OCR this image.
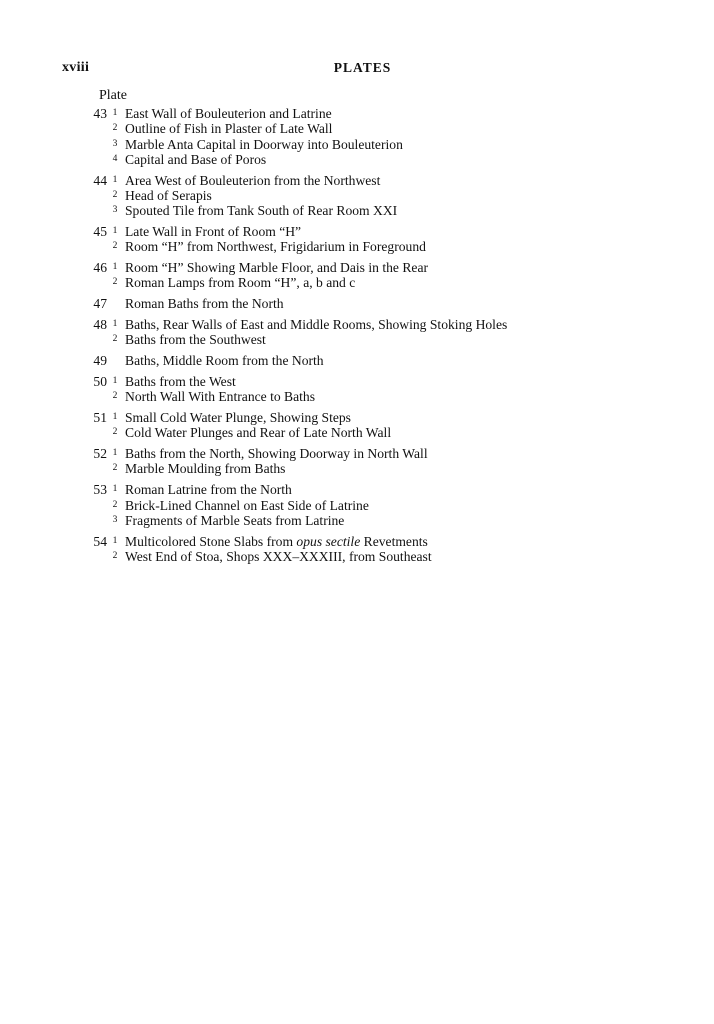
xviii	PLATES
Plate
43 1 East Wall of Bouleuterion and Latrine
2 Outline of Fish in Plaster of Late Wall
3 Marble Anta Capital in Doorway into Bouleuterion
4 Capital and Base of Poros
44 1 Area West of Bouleuterion from the Northwest
2 Head of Serapis
3 Spouted Tile from Tank South of Rear Room XXI
45 1 Late Wall in Front of Room “H”
2 Room “H” from Northwest, Frigidarium in Foreground
46 1 Room “H” Showing Marble Floor, and Dais in the Rear
2 Roman Lamps from Room “H”, a, b and c
47 Roman Baths from the North
48 1 Baths, Rear Walls of East and Middle Rooms, Showing Stoking Holes
2 Baths from the Southwest
49 Baths, Middle Room from the North
50 1 Baths from the West
2 North Wall With Entrance to Baths
51 1 Small Cold Water Plunge, Showing Steps
2 Cold Water Plunges and Rear of Late North Wall
52 1 Baths from the North, Showing Doorway in North Wall
2 Marble Moulding from Baths
53 1 Roman Latrine from the North
2 Brick-Lined Channel on East Side of Latrine
3 Fragments of Marble Seats from Latrine
54 1 Multicolored Stone Slabs from opus sectile Revetments
2 West End of Stoa, Shops XXX–XXXIII, from Southeast
